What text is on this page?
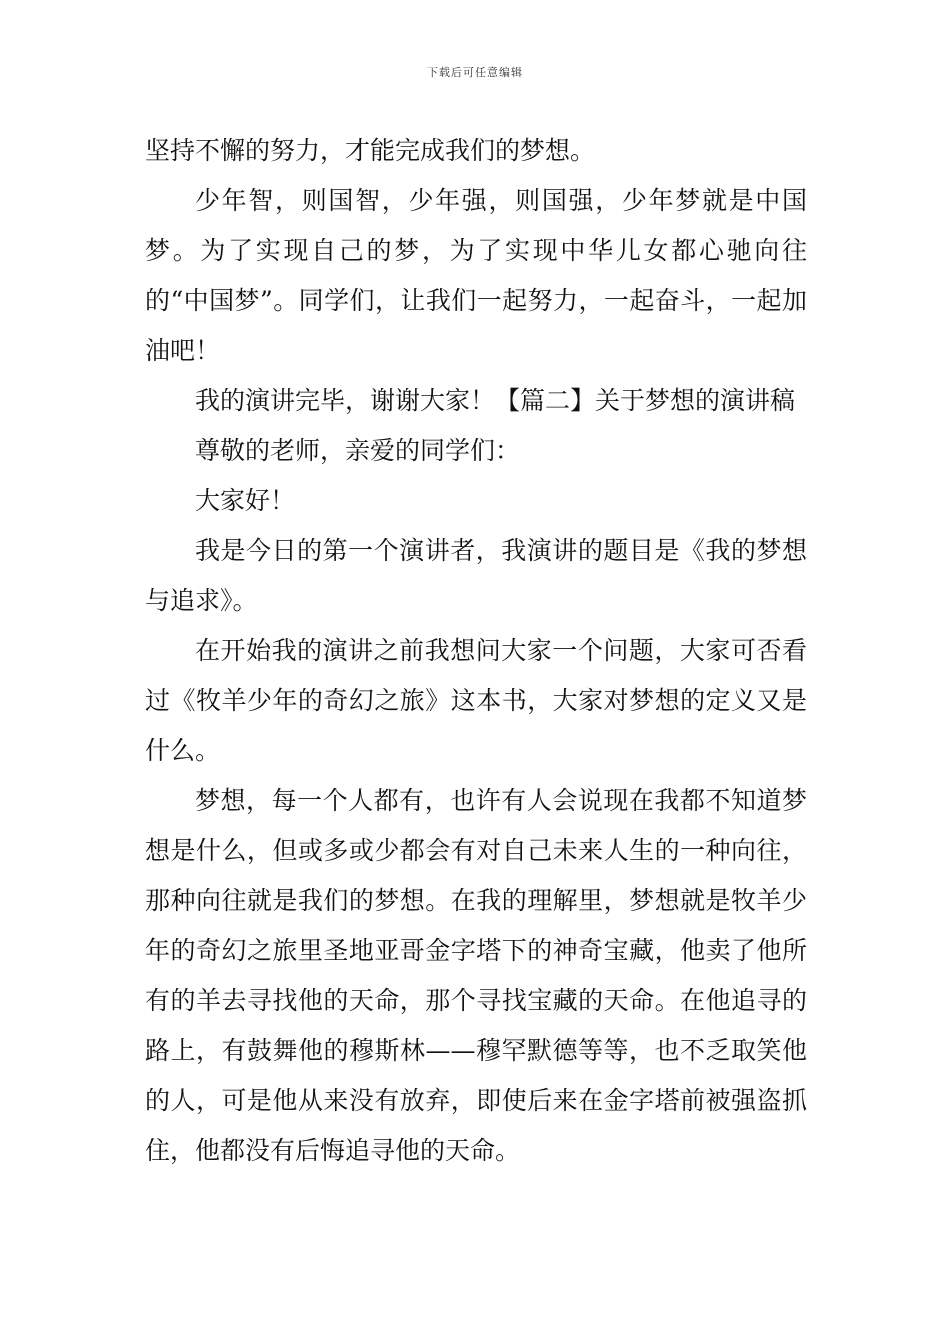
下载后可任意编辑

坚持不懈的努力，才能完成我们的梦想。

少年智，则国智，少年强，则国强，少年梦就是中国梦。为了实现自己的梦，为了实现中华儿女都心驰向往的“中国梦”。同学们，让我们一起努力，一起奋斗，一起加油吧！

我的演讲完毕，谢谢大家！【篇二】关于梦想的演讲稿

尊敬的老师，亲爱的同学们：

大家好！

我是今日的第一个演讲者，我演讲的题目是《我的梦想与追求》。

在开始我的演讲之前我想问大家一个问题，大家可否看过《牧羊少年的奇幻之旅》这本书，大家对梦想的定义又是什么。

梦想，每一个人都有，也许有人会说现在我都不知道梦想是什么，但或多或少都会有对自己未来人生的一种向往，那种向往就是我们的梦想。在我的理解里，梦想就是牧羊少年的奇幻之旅里圣地亚哥金字塔下的神奇宝藏，他卖了他所有的羊去寻找他的天命，那个寻找宝藏的天命。在他追寻的路上，有鼓舞他的穆斯林——穆罕默德等等，也不乏取笑他的人，可是他从来没有放弃，即使后来在金字塔前被强盗抓住，他都没有后悔追寻他的天命。
